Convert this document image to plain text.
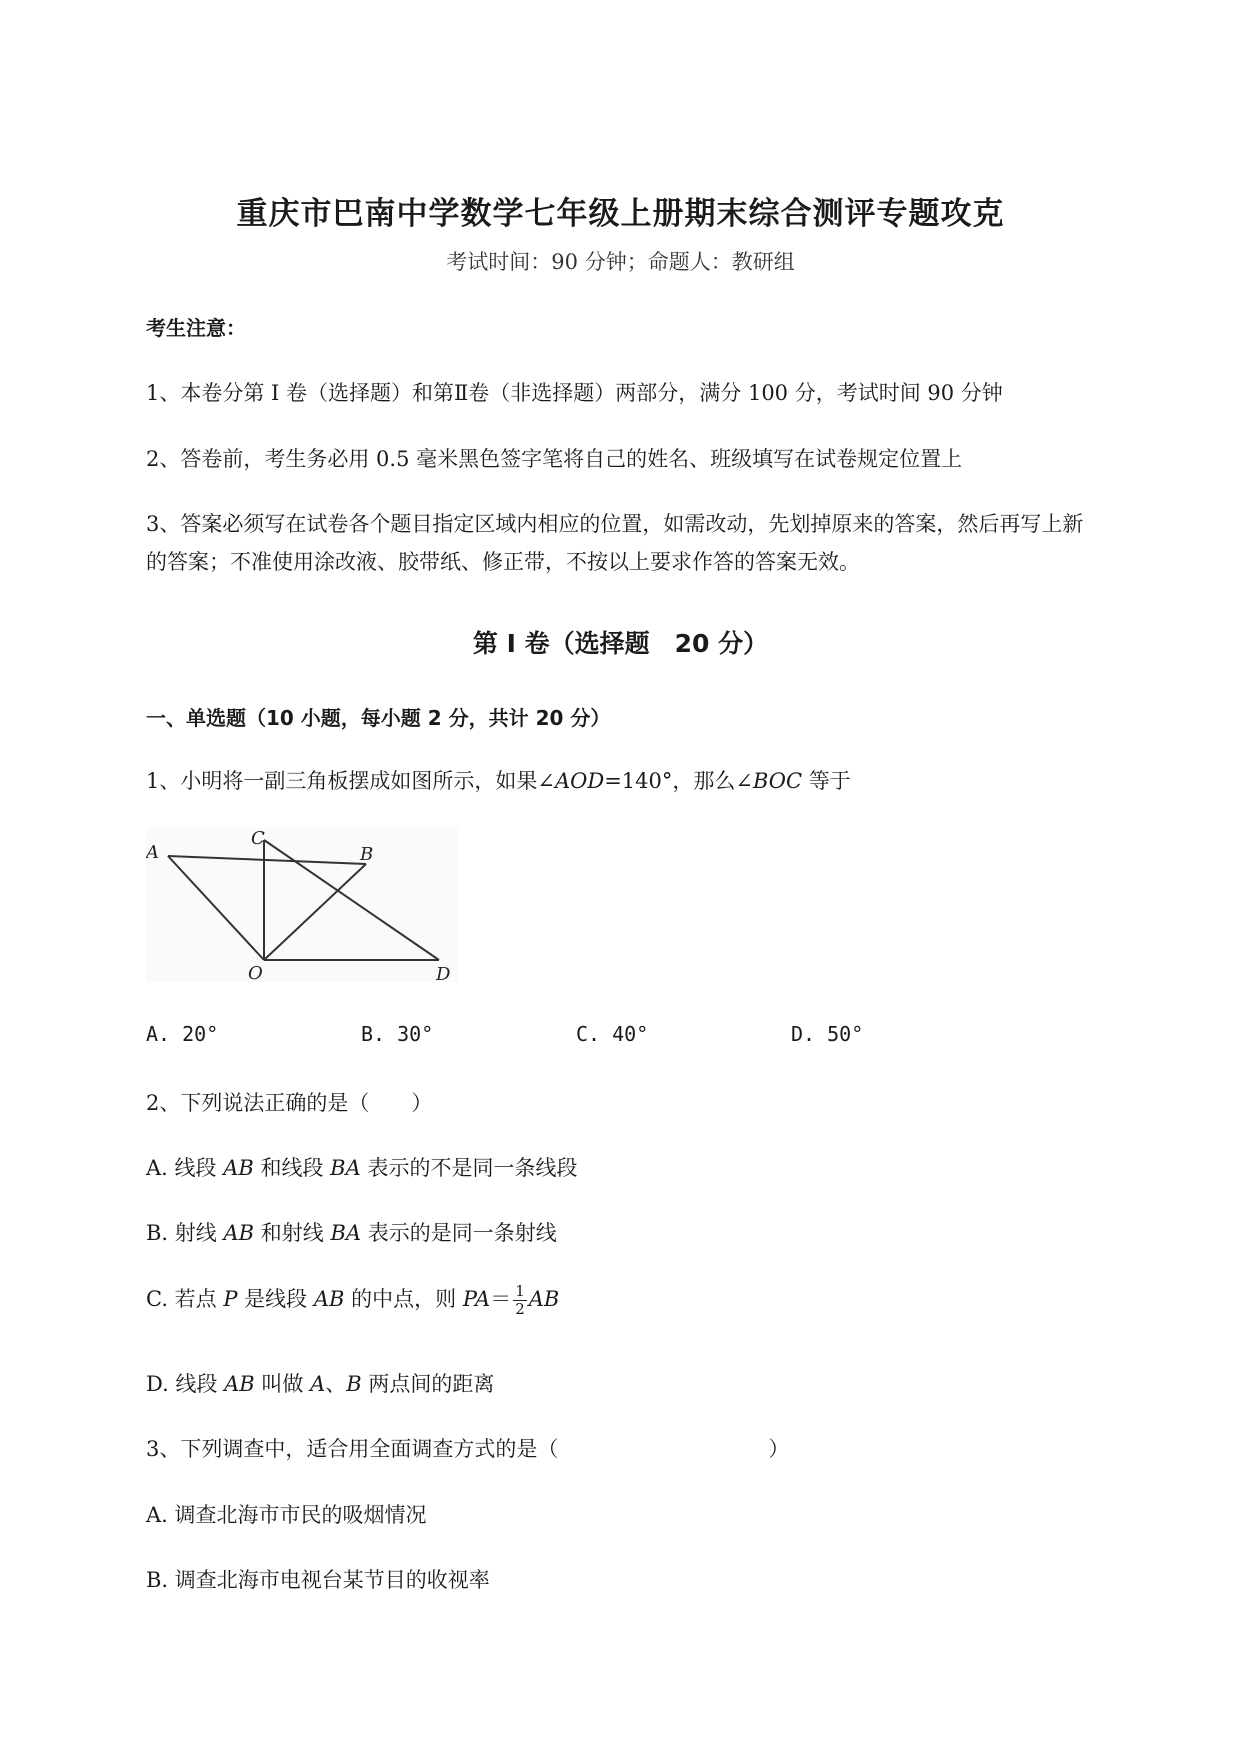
重庆市巴南中学数学七年级上册期末综合测评专题攻克
考试时间：90 分钟；命题人：教研组
考生注意：
1、本卷分第 I 卷（选择题）和第Ⅱ卷（非选择题）两部分，满分 100 分，考试时间 90 分钟
2、答卷前，考生务必用 0.5 毫米黑色签字笔将自己的姓名、班级填写在试卷规定位置上
3、答案必须写在试卷各个题目指定区域内相应的位置，如需改动，先划掉原来的答案，然后再写上新
的答案；不准使用涂改液、胶带纸、修正带，不按以上要求作答的答案无效。
第 I 卷（选择题　20 分）
一、单选题（10 小题，每小题 2 分，共计 20 分）
1、小明将一副三角板摆成如图所示，如果∠AOD=140°，那么∠BOC 等于
A
C
B
O	D
A. 20°	B. 30°	C. 40°	D. 50°
2、下列说法正确的是（　　）
A. 线段 AB 和线段 BA 表示的不是同一条线段
B. 射线 AB 和射线 BA 表示的是同一条射线
C. 若点 P 是线段 AB 的中点，则 $PA= \frac{1}{2}$ AB
D. 线段 AB 叫做 A、B 两点间的距离
3、下列调查中，适合用全面调查方式的是（　　　　　　　　　　）
A. 调查北海市市民的吸烟情况
B. 调查北海市电视台某节目的收视率
